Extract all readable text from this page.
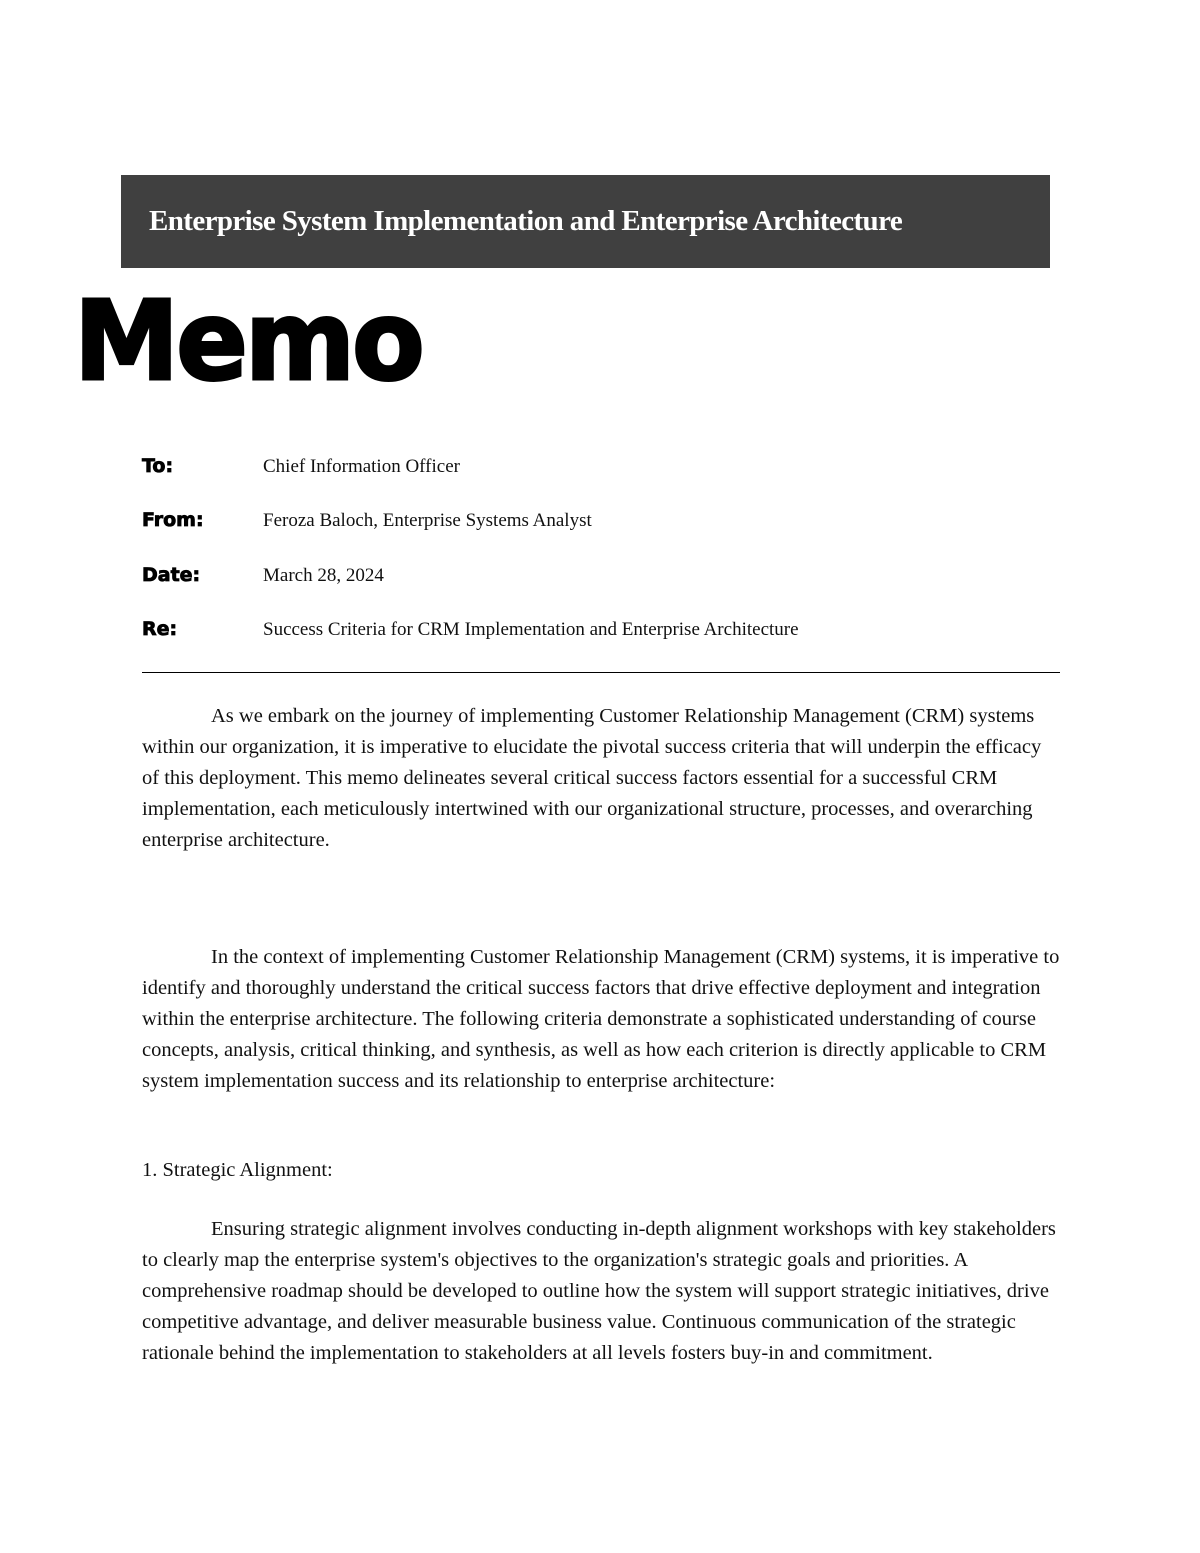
Enterprise System Implementation and Enterprise Architecture
Memo
To:	Chief Information Officer
From:	Feroza Baloch, Enterprise Systems Analyst
Date:	March 28, 2024
Re:	Success Criteria for CRM Implementation and Enterprise Architecture

As we embark on the journey of implementing Customer Relationship Management (CRM) systems within our organization, it is imperative to elucidate the pivotal success criteria that will underpin the efficacy of this deployment. This memo delineates several critical success factors essential for a successful CRM implementation, each meticulously intertwined with our organizational structure, processes, and overarching enterprise architecture.

In the context of implementing Customer Relationship Management (CRM) systems, it is imperative to identify and thoroughly understand the critical success factors that drive effective deployment and integration within the enterprise architecture. The following criteria demonstrate a sophisticated understanding of course concepts, analysis, critical thinking, and synthesis, as well as how each criterion is directly applicable to CRM system implementation success and its relationship to enterprise architecture:

1. Strategic Alignment:

Ensuring strategic alignment involves conducting in-depth alignment workshops with key stakeholders to clearly map the enterprise system's objectives to the organization's strategic goals and priorities. A comprehensive roadmap should be developed to outline how the system will support strategic initiatives, drive competitive advantage, and deliver measurable business value. Continuous communication of the strategic rationale behind the implementation to stakeholders at all levels fosters buy-in and commitment.
